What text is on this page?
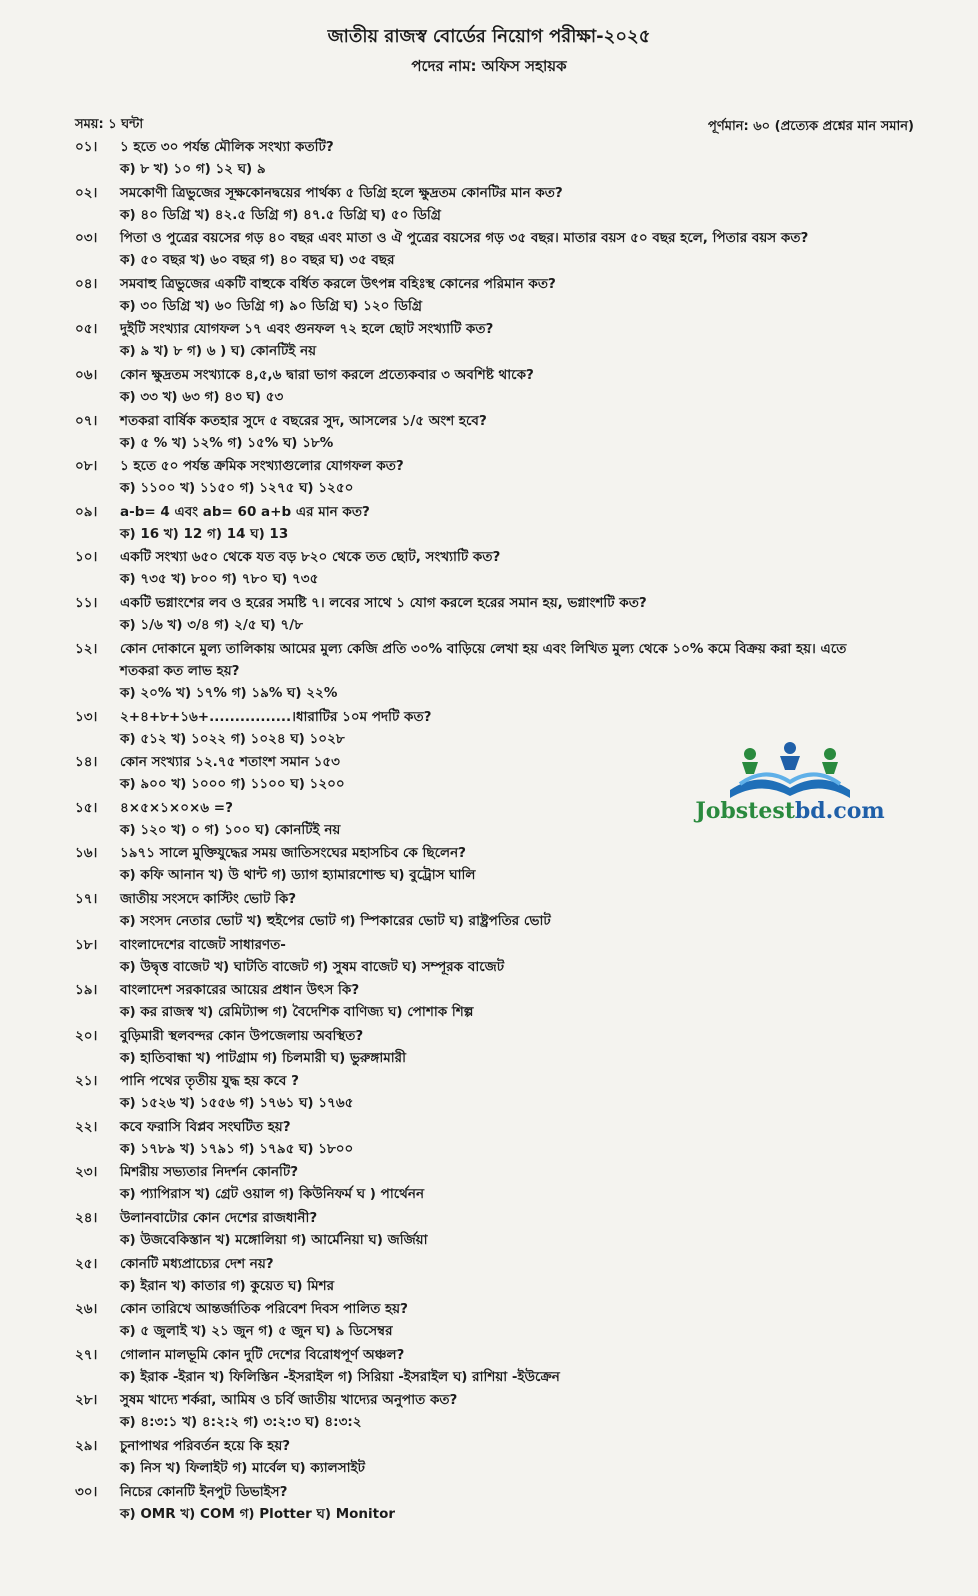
জাতীয় রাজস্ব বোর্ডের নিয়োগ পরীক্ষা-২০২৫
পদের নাম: অফিস সহায়ক
সময়: ১ ঘন্টা	পূর্ণমান: ৬০ (প্রত্যেক প্রশ্নের মান সমান)
০১। ১ হতে ৩০ পর্যন্ত মৌলিক সংখ্যা কতটি?
ক) ৮ খ) ১০ গ) ১২ ঘ) ৯
০২। সমকোণী ত্রিভুজের সূক্ষকোনদ্বয়ের পার্থক্য ৫ ডিগ্রি হলে ক্ষুদ্রতম কোনটির মান কত?
ক) ৪০ ডিগ্রি খ) ৪২.৫ ডিগ্রি গ) ৪৭.৫ ডিগ্রি ঘ) ৫০ ডিগ্রি
০৩। পিতা ও পুত্রের বয়সের গড় ৪০ বছর এবং মাতা ও ঐ পুত্রের বয়সের গড় ৩৫ বছর। মাতার বয়স ৫০ বছর হলে, পিতার বয়স কত?
ক) ৫০ বছর খ) ৬০ বছর গ) ৪০ বছর ঘ) ৩৫ বছর
০৪। সমবাহু ত্রিভুজের একটি বাহুকে বর্ধিত করলে উৎপন্ন বহিঃস্থ কোনের পরিমান কত?
ক) ৩০ ডিগ্রি খ) ৬০ ডিগ্রি গ) ৯০ ডিগ্রি ঘ) ১২০ ডিগ্রি
০৫। দুইটি সংখ্যার যোগফল ১৭ এবং গুনফল ৭২ হলে ছোট সংখ্যাটি কত?
ক) ৯ খ) ৮ গ) ৬ ) ঘ) কোনটিই নয়
০৬। কোন ক্ষুদ্রতম সংখ্যাকে ৪,৫,৬ দ্বারা ভাগ করলে প্রত্যেকবার ৩ অবশিষ্ট থাকে?
ক) ৩৩ খ) ৬৩ গ) ৪৩ ঘ) ৫৩
০৭। শতকরা বার্ষিক কতহার সুদে ৫ বছরের সুদ, আসলের ১/৫ অংশ হবে?
ক) ৫ % খ) ১২% গ) ১৫% ঘ) ১৮%
০৮। ১ হতে ৫০ পর্যন্ত ক্রমিক সংখ্যাগুলোর যোগফল কত?
ক) ১১০০ খ) ১১৫০ গ) ১২৭৫ ঘ) ১২৫০
০৯। a-b= 4 এবং ab= 60 a+b এর মান কত?
ক) 16 খ) 12 গ) 14 ঘ) 13
১০। একটি সংখ্যা ৬৫০ থেকে যত বড় ৮২০ থেকে তত ছোট, সংখ্যাটি কত?
ক) ৭৩৫ খ) ৮০০ গ) ৭৮০ ঘ) ৭৩৫
১১। একটি ভগ্নাংশের লব ও হরের সমষ্টি ৭। লবের সাথে ১ যোগ করলে হরের সমান হয়, ভগ্নাংশটি কত?
ক) ১/৬ খ) ৩/৪ গ) ২/৫ ঘ) ৭/৮
১২। কোন দোকানে মুল্য তালিকায় আমের মুল্য কেজি প্রতি ৩০% বাড়িয়ে লেখা হয় এবং লিখিত মুল্য থেকে ১০% কমে বিক্রয় করা হয়। এতে
শতকরা কত লাভ হয়?
ক) ২০% খ) ১৭% গ) ১৯% ঘ) ২২%
১৩। ২+৪+৮+১৬+................।ধারাটির ১০ম পদটি কত?
ক) ৫১২ খ) ১০২২ গ) ১০২৪ ঘ) ১০২৮
১৪। কোন সংখ্যার ১২.৭৫ শতাংশ সমান ১৫৩
ক) ৯০০ খ) ১০০০ গ) ১১০০ ঘ) ১২০০
১৫। ৪×৫×১×০×৬ =?
ক) ১২০ খ) ০ গ) ১০০ ঘ) কোনটিই নয়
১৬। ১৯৭১ সালে মুক্তিযুদ্ধের সময় জাতিসংঘের মহাসচিব কে ছিলেন?
ক) কফি আনান খ) উ থান্ট গ) ড্যাগ হ্যামারশোল্ড ঘ) বুট্রোস ঘালি
১৭। জাতীয় সংসদে কাস্টিং ভোট কি?
ক) সংসদ নেতার ভোট খ) হুইপের ভোট গ) স্পিকারের ভোট ঘ) রাষ্ট্রপতির ভোট
১৮। বাংলাদেশের বাজেট সাধারণত-
ক) উদ্বৃত্ত বাজেট খ) ঘাটতি বাজেট গ) সুষম বাজেট ঘ) সম্পূরক বাজেট
১৯। বাংলাদেশ সরকারের আয়ের প্রধান উৎস কি?
ক) কর রাজস্ব খ) রেমিট্যান্স গ) বৈদেশিক বাণিজ্য ঘ) পোশাক শিল্প
২০। বুড়িমারী স্থলবন্দর কোন উপজেলায় অবস্থিত?
ক) হাতিবান্ধা খ) পাটগ্রাম গ) চিলমারী ঘ) ভুরুঙ্গামারী
২১। পানি পথের তৃতীয় যুদ্ধ হয় কবে ?
ক) ১৫২৬ খ) ১৫৫৬ গ) ১৭৬১ ঘ) ১৭৬৫
২২। কবে ফরাসি বিপ্লব সংঘটিত হয়?
ক) ১৭৮৯ খ) ১৭৯১ গ) ১৭৯৫ ঘ) ১৮০০
২৩। মিশরীয় সভ্যতার নিদর্শন কোনটি?
ক) প্যাপিরাস খ) গ্রেট ওয়াল গ) কিউনিফর্ম ঘ ) পার্থেনন
২৪। উলানবাটোর কোন দেশের রাজধানী?
ক) উজবেকিস্তান খ) মঙ্গোলিয়া গ) আর্মেনিয়া ঘ) জর্জিয়া
২৫। কোনটি মধ্যপ্রাচ্যের দেশ নয়?
ক) ইরান খ) কাতার গ) কুয়েত ঘ) মিশর
২৬। কোন তারিখে আন্তর্জাতিক পরিবেশ দিবস পালিত হয়?
ক) ৫ জুলাই খ) ২১ জুন গ) ৫ জুন ঘ) ৯ ডিসেম্বর
২৭। গোলান মালভূমি কোন দুটি দেশের বিরোধপূর্ণ অঞ্চল?
ক) ইরাক -ইরান খ) ফিলিস্তিন -ইসরাইল গ) সিরিয়া -ইসরাইল ঘ) রাশিয়া -ইউক্রেন
২৮। সুষম খাদ্যে শর্করা, আমিষ ও চর্বি জাতীয় খাদ্যের অনুপাত কত?
ক) ৪:৩:১ খ) ৪:২:২ গ) ৩:২:৩ ঘ) ৪:৩:২
২৯। চুনাপাথর পরিবর্তন হয়ে কি হয়?
ক) নিস খ) ফিলাইট গ) মার্বেল ঘ) ক্যালসাইট
৩০। নিচের কোনটি ইনপুট ডিভাইস?
ক) OMR খ) COM গ) Plotter ঘ) Monitor
Jobstestbd.com
